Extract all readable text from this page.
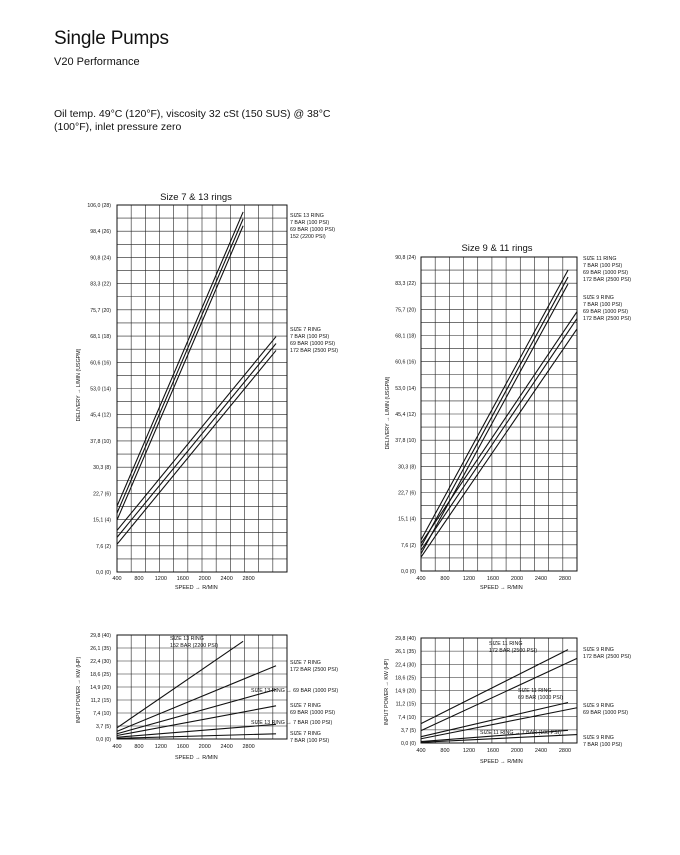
Single Pumps
V20 Performance
Oil temp. 49°C (120°F), viscosity 32 cSt (150 SUS) @ 38°C (100°F), inlet pressure zero
Size 7 & 13 rings
0,0 (0)
7,6 (2)
15,1 (4)
22,7 (6)
30,3 (8)
37,8 (10)
45,4 (12)
53,0 (14)
60,6 (16)
68,1 (18)
75,7 (20)
83,3 (22)
90,8 (24)
98,4 (26)
106,0 (28)
400 800 1200 1600 2000 2400 2800
SPEED → R/MIN
DELIVERY → L/MIN (USGPM)
SIZE 13 RING
7 BAR (100 PSI)
69 BAR (1000 PSI)
152 (2200 PSI)
SIZE 7 RING
7 BAR (100 PSI)
69 BAR (1000 PSI)
172 BAR (2500 PSI)
Size 9 & 11 rings
0,0 (0)
7,6 (2)
15,1 (4)
22,7 (6)
30,3 (8)
37,8 (10)
45,4 (12)
53,0 (14)
60,6 (16)
68,1 (18)
75,7 (20)
83,3 (22)
90,8 (24)
400	800 1200 1600 2000 2400 2800
SPEED → R/MIN
DELIVERY → L/MIN (USGPM)
SIZE 11 RING
7 BAR (100 PSI)
69 BAR (1000 PSI)
172 BAR (2500 PSI)
SIZE 9 RING
7 BAR (100 PSI)
69 BAR (1000 PSI)
172 BAR (2500 PSI)
0,0 (0)
3,7 (5)
7,4 (10)
11,2 (15)
14,9 (20)
18,6 (25)
22,4 (30)
26,1 (35)
29,8 (40)
400 800 1200 1600 2000 2400 2800
SPEED → R/MIN
INPUT POWER → KW (HP)
SIZE 13 RING
152 BAR (2200 PSI)
SIZE 7 RING
172 BAR (2500 PSI)
SIZE 13 RING → 69 BAR (1000 PSI)
SIZE 7 RING
69 BAR (1000 PSI)
SIZE 13 RING → 7 BAR (100 PSI)
SIZE 7 RING
7 BAR (100 PSI)	0,0 (0)
3,7 (5)
7,4 (10)
11,2 (15)
14,9 (20)
18,6 (25)
22,4 (30)
26,1 (35)
29,8 (40)
400	800 1200 1600 2000 2400 2800
SPEED → R/MIN
INPUT POWER → KW (HP)
SIZE 11 RING
172 BAR (2500 PSI)	SIZE 9 RING
172 BAR (2500 PSI)
SIZE 11 RING
69 BAR (1000 PSI)
SIZE 9 RING
69 BAR (1000 PSI)
SIZE 11 RING → 7 BAR (100 PSI)
SIZE 9 RING
7 BAR (100 PSI)
